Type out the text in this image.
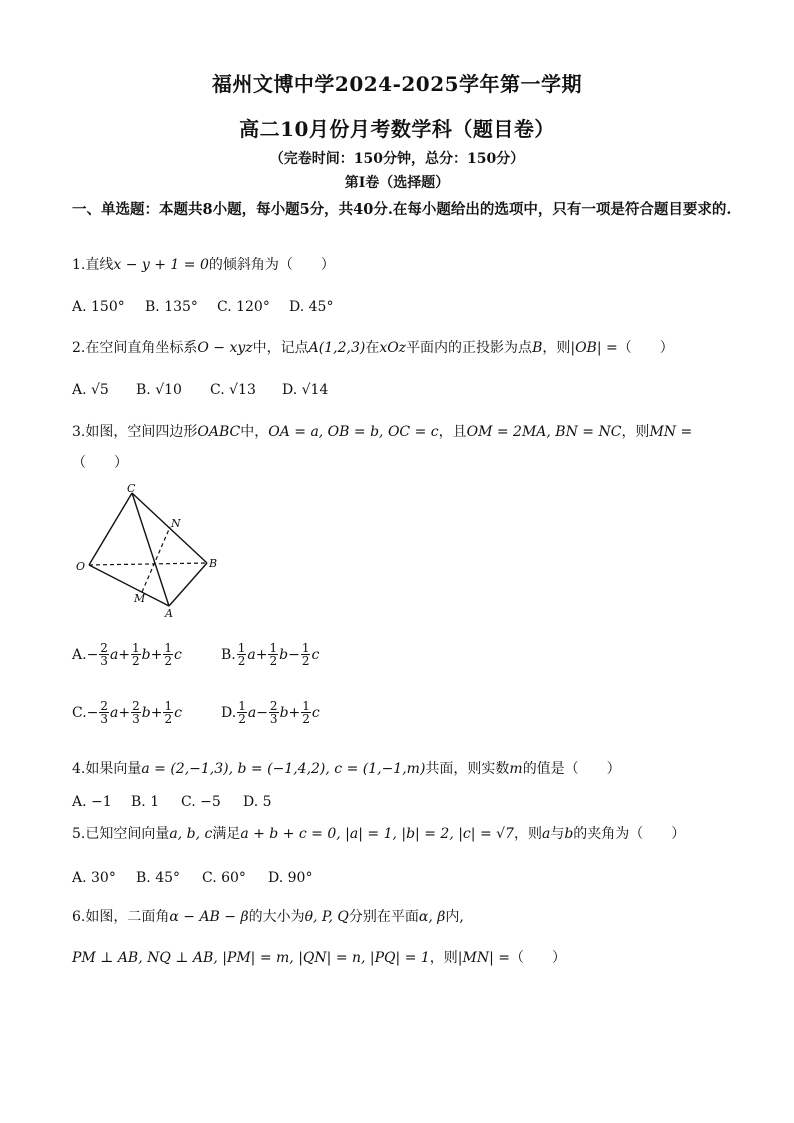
福州文博中学2024-2025学年第一学期
高二10月份月考数学科（题目卷）
（完卷时间：150分钟，总分：150分）
第I卷（选择题）
一、单选题：本题共8小题，每小题5分，共40分.在每小题给出的选项中，只有一项是符合题目要求的.
1.直线x − y + 1 = 0的倾斜角为（　　）
A. 150° B. 135° C. 120° D. 45°
2.在空间直角坐标系O − xyz中，记点A(1,2,3)在xOz平面内的正投影为点B，则|OB| =（　　）
A. √5 B. √10 C. √13 D. √14
3.如图，空间四边形OABC中，OA = a, OB = b, OC = c，且OM = 2MA, BN = NC，则MN =
（　　）
C
N
O	B
M
A
$A.- \frac{2}{3} a+ \frac{1}{2} b+ \frac{1}{2}$ c	B. $\frac{1}{2} a+ \frac{1}{2} b- \frac{1}{2}$ c
$C.- \frac{2}{3} a+ \frac{2}{3} b+ \frac{1}{2}$ c	D. $\frac{1}{2} a- \frac{2}{3} b+ \frac{1}{2}$ c
4.如果向量a = (2,−1,3), b = (−1,4,2), c = (1,−1,m)共面，则实数m的值是（　　）
A. −1 B. 1 C. −5 D. 5
5.已知空间向量a, b, c满足a + b + c = 0, |a| = 1, |b| = 2, |c| = √7，则a与b的夹角为（　　）
A. 30° B. 45° C. 60° D. 90°
6.如图，二面角α − AB − β的大小为θ, P, Q分别在平面α, β内,
PM ⊥ AB, NQ ⊥ AB, |PM| = m, |QN| = n, |PQ| = 1，则|MN| =（　　）
